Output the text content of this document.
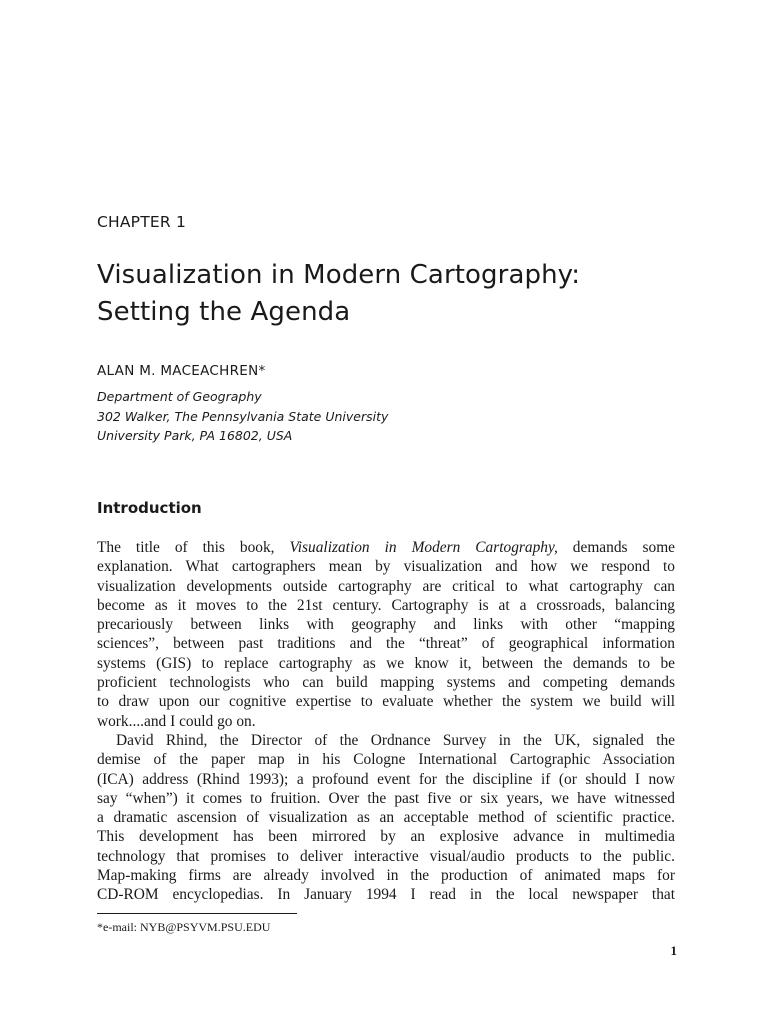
CHAPTER 1
Visualization in Modern Cartography:
Setting the Agenda
ALAN M. MACEACHREN*
Department of Geography
302 Walker, The Pennsylvania State University
University Park, PA 16802, USA
Introduction
The title of this book, Visualization in Modern Cartography, demands some
explanation. What cartographers mean by visualization and how we respond to
visualization developments outside cartography are critical to what cartography can
become as it moves to the 21st century. Cartography is at a crossroads, balancing
precariously between links with geography and links with other “mapping
sciences”, between past traditions and the “threat” of geographical information
systems (GIS) to replace cartography as we know it, between the demands to be
proficient technologists who can build mapping systems and competing demands
to draw upon our cognitive expertise to evaluate whether the system we build will
work....and I could go on.
David Rhind, the Director of the Ordnance Survey in the UK, signaled the
demise of the paper map in his Cologne International Cartographic Association
(ICA) address (Rhind 1993); a profound event for the discipline if (or should I now
say “when”) it comes to fruition. Over the past five or six years, we have witnessed
a dramatic ascension of visualization as an acceptable method of scientific practice.
This development has been mirrored by an explosive advance in multimedia
technology that promises to deliver interactive visual/audio products to the public.
Map-making firms are already involved in the production of animated maps for
CD-ROM encyclopedias. In January 1994 I read in the local newspaper that
*e-mail: NYB@PSYVM.PSU.EDU
1
